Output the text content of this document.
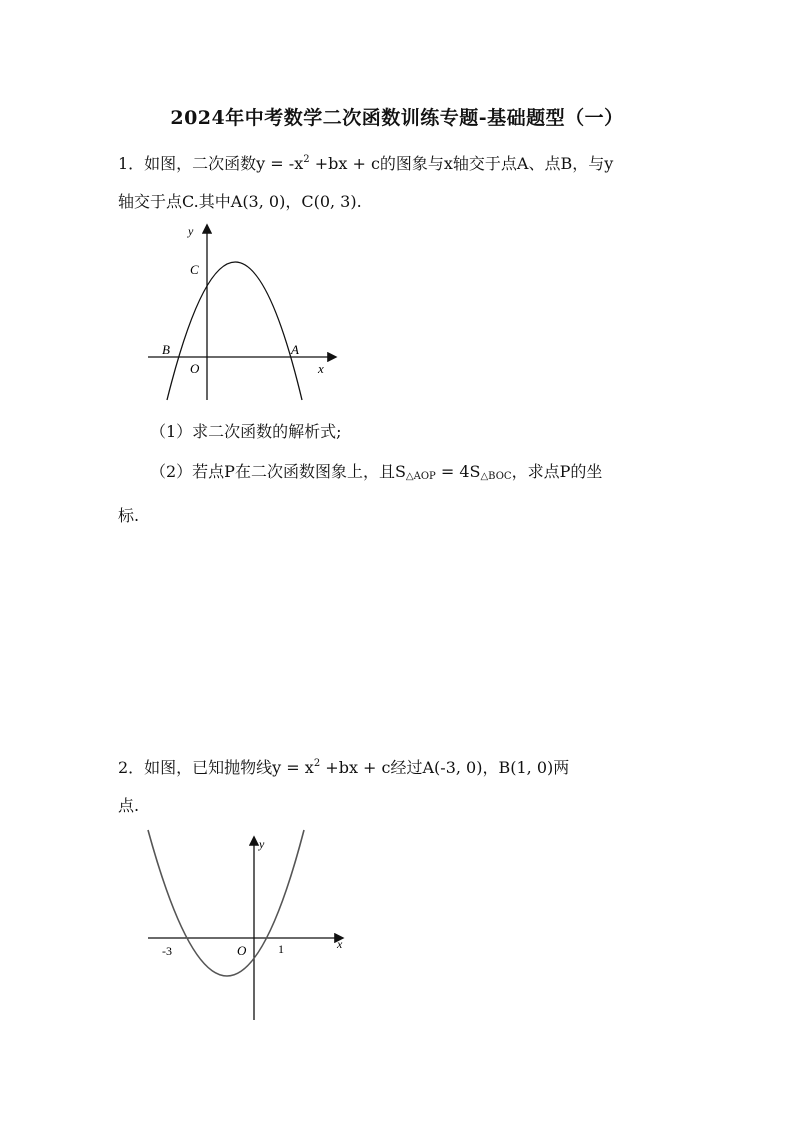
2024年中考数学二次函数训练专题-基础题型（一）
1．如图，二次函数$y = -x^2 +bx + c$的图象与x轴交于点A、点B，与y
轴交于点C.其中A(3, 0)，C(0, 3).
y
C
B	A
O	x
（1）求二次函数的解析式;
（2）若点P在二次函数图象上，且$S_{\triangle AOP} = 4S_{\triangle BOC}$，求点P的坐
标.
2．如图，已知抛物线$y = x^2 +bx + c$经过A(-3, 0)，B(1, 0)两
点.
y
-3	O	1	x
